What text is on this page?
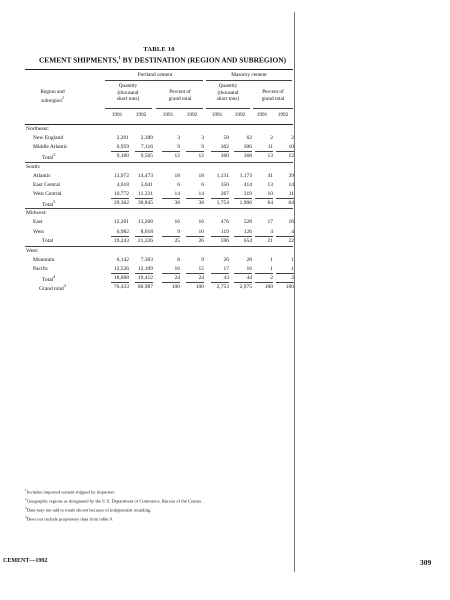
TABLE 10
CEMENT SHIPMENTS,$^1$ BY DESTINATION (REGION AND SUBREGION)
Portland cement	Masonry cement
Region and
subregion$^2$
Quantity
(thousand
short tons)
Percent of
grand total
Quantity
(thousand
short tons)
Percent of
grand total
1991	1992	1991	1992	1991	1992	1991	1992
Northeast:
New England	2,201 2,389	3	3	58	62	2	2
Middle Atlantic	6,959 7,116	9	9	302	306	11	10
Total$^3$	9,160 9,505	12	12	360	368	13	12
South:
Atlantic	13,972 14,473	18	18 1,131 1,173	41	39
East Central	4,618 5,041	6	6	356	414	13	14
West Central	10,772 11,331	14	14	267	319	10	11
Total$^3$	29,362 30,845	38	38 1,754 1,906	64	64
Midwest:
East	12,261 13,208	16	16	476	528	17	18
West	6,982 8,018	9	10	119	126	4	4
Total	19,243 21,226	25	26	596	654	21	22
West:
Mountain	6,142 7,303	8	9	26	28	1	1
Pacific	12,526 12,109	16	15	17	16	1	1
Total$^4$	18,668 19,412	24	24	43	44	2	2
Grand total$^4$	76,433 80,987	100	100 2,753 2,975 100 100
$^1$Includes imported cement shipped by importers.
$^2$Geographic regions as designated by the U.S. Department of Commerce, Bureau of the Census.
$^3$Data may not add to totals shown because of independent rounding.
$^4$Does not include proprietary data from table 9.
CEMENT—1992	309
